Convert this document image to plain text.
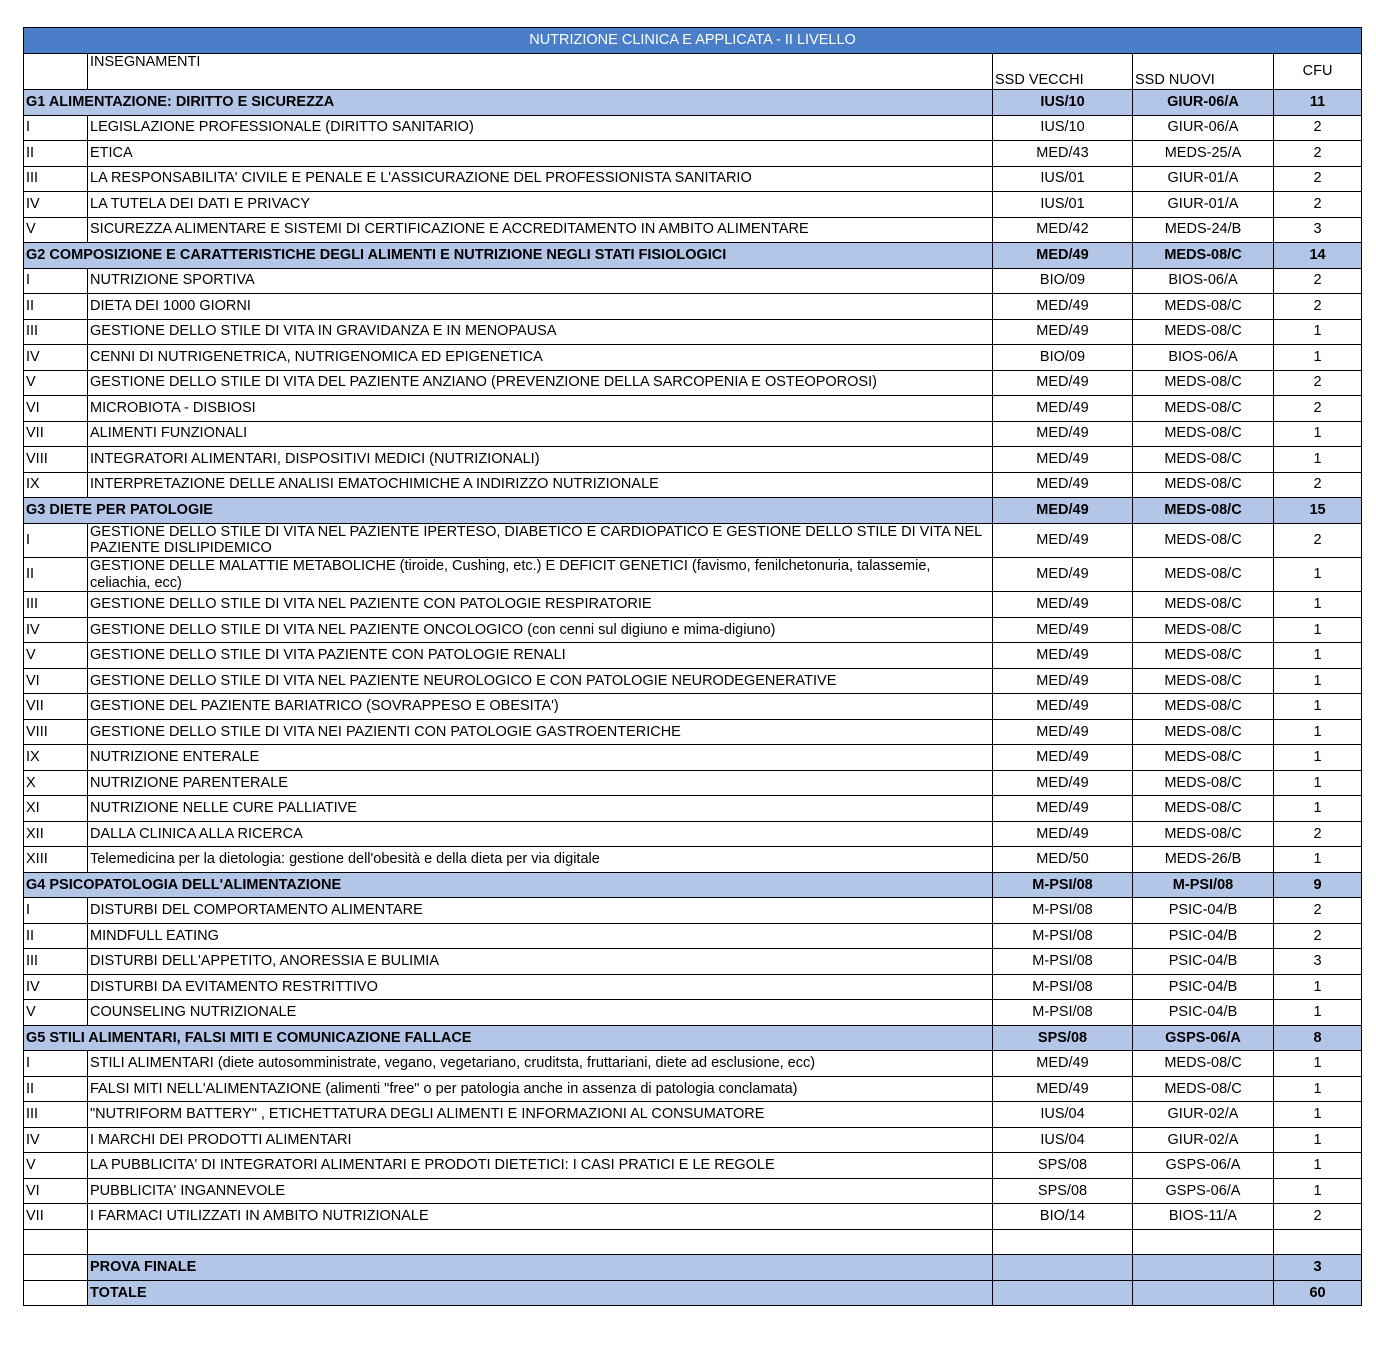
NUTRIZIONE CLINICA E APPLICATA - II LIVELLO				
	INSEGNAMENTI	SSD VECCHI	SSD NUOVI	CFU
G1 ALIMENTAZIONE: DIRITTO E SICUREZZA		IUS/10	GIUR-06/A	11
I	LEGISLAZIONE PROFESSIONALE (DIRITTO SANITARIO)	IUS/10	GIUR-06/A	2
II	ETICA	MED/43	MEDS-25/A	2
III	LA RESPONSABILITA' CIVILE E PENALE E L'ASSICURAZIONE DEL PROFESSIONISTA SANITARIO	IUS/01	GIUR-01/A	2
IV	LA TUTELA DEI DATI E PRIVACY	IUS/01	GIUR-01/A	2
V	SICUREZZA ALIMENTARE E SISTEMI DI CERTIFICAZIONE E ACCREDITAMENTO IN AMBITO ALIMENTARE	MED/42	MEDS-24/B	3
G2 COMPOSIZIONE E CARATTERISTICHE DEGLI ALIMENTI E NUTRIZIONE NEGLI STATI FISIOLOGICI		MED/49	MEDS-08/C	14
I	NUTRIZIONE SPORTIVA	BIO/09	BIOS-06/A	2
II	DIETA DEI 1000 GIORNI	MED/49	MEDS-08/C	2
III	GESTIONE DELLO STILE DI VITA IN GRAVIDANZA E IN MENOPAUSA	MED/49	MEDS-08/C	1
IV	CENNI DI NUTRIGENETRICA, NUTRIGENOMICA ED EPIGENETICA	BIO/09	BIOS-06/A	1
V	GESTIONE DELLO STILE DI VITA DEL PAZIENTE ANZIANO (PREVENZIONE DELLA SARCOPENIA E OSTEOPOROSI)	MED/49	MEDS-08/C	2
VI	MICROBIOTA - DISBIOSI	MED/49	MEDS-08/C	2
VII	ALIMENTI FUNZIONALI	MED/49	MEDS-08/C	1
VIII	INTEGRATORI ALIMENTARI, DISPOSITIVI MEDICI (NUTRIZIONALI)	MED/49	MEDS-08/C	1
IX	INTERPRETAZIONE DELLE ANALISI EMATOCHIMICHE A INDIRIZZO NUTRIZIONALE	MED/49	MEDS-08/C	2
G3 DIETE PER PATOLOGIE		MED/49	MEDS-08/C	15
I	GESTIONE DELLO STILE DI VITA NEL PAZIENTE IPERTESO, DIABETICO E CARDIOPATICO E GESTIONE DELLO STILE DI VITA NEL PAZIENTE DISLIPIDEMICO	MED/49	MEDS-08/C	2
II	GESTIONE DELLE MALATTIE METABOLICHE (tiroide, Cushing, etc.) E DEFICIT GENETICI (favismo, fenilchetonuria, talassemie, celiachia, ecc)	MED/49	MEDS-08/C	1
III	GESTIONE DELLO STILE DI VITA NEL PAZIENTE CON PATOLOGIE RESPIRATORIE	MED/49	MEDS-08/C	1
IV	GESTIONE DELLO STILE DI VITA NEL PAZIENTE ONCOLOGICO (con cenni sul digiuno e mima-digiuno)	MED/49	MEDS-08/C	1
V	GESTIONE DELLO STILE DI VITA PAZIENTE CON PATOLOGIE RENALI	MED/49	MEDS-08/C	1
VI	GESTIONE DELLO STILE DI VITA NEL PAZIENTE NEUROLOGICO E CON PATOLOGIE NEURODEGENERATIVE	MED/49	MEDS-08/C	1
VII	GESTIONE DEL PAZIENTE BARIATRICO (SOVRAPPESO E OBESITA')	MED/49	MEDS-08/C	1
VIII	GESTIONE DELLO STILE DI VITA NEI PAZIENTI CON PATOLOGIE GASTROENTERICHE	MED/49	MEDS-08/C	1
IX	NUTRIZIONE ENTERALE	MED/49	MEDS-08/C	1
X	NUTRIZIONE PARENTERALE	MED/49	MEDS-08/C	1
XI	NUTRIZIONE NELLE CURE PALLIATIVE	MED/49	MEDS-08/C	1
XII	DALLA CLINICA ALLA RICERCA	MED/49	MEDS-08/C	2
XIII	Telemedicina per la dietologia: gestione dell'obesità e della dieta per via digitale	MED/50	MEDS-26/B	1
G4 PSICOPATOLOGIA DELL'ALIMENTAZIONE		M-PSI/08	M-PSI/08	9
I	DISTURBI DEL COMPORTAMENTO ALIMENTARE	M-PSI/08	PSIC-04/B	2
II	MINDFULL EATING	M-PSI/08	PSIC-04/B	2
III	DISTURBI DELL'APPETITO, ANORESSIA E BULIMIA	M-PSI/08	PSIC-04/B	3
IV	DISTURBI DA EVITAMENTO RESTRITTIVO	M-PSI/08	PSIC-04/B	1
V	COUNSELING NUTRIZIONALE	M-PSI/08	PSIC-04/B	1
G5 STILI ALIMENTARI, FALSI MITI E COMUNICAZIONE FALLACE		SPS/08	GSPS-06/A	8
I	STILI ALIMENTARI (diete autosomministrate, vegano, vegetariano, cruditsta, fruttariani, diete ad esclusione, ecc)	MED/49	MEDS-08/C	1
II	FALSI MITI NELL'ALIMENTAZIONE (alimenti "free" o per patologia anche in assenza di patologia conclamata)	MED/49	MEDS-08/C	1
III	"NUTRIFORM BATTERY" , ETICHETTATURA DEGLI ALIMENTI E INFORMAZIONI AL CONSUMATORE	IUS/04	GIUR-02/A	1
IV	I MARCHI DEI PRODOTTI ALIMENTARI	IUS/04	GIUR-02/A	1
V	LA PUBBLICITA' DI INTEGRATORI ALIMENTARI E PRODOTI DIETETICI: I CASI PRATICI E LE REGOLE	SPS/08	GSPS-06/A	1
VI	PUBBLICITA' INGANNEVOLE	SPS/08	GSPS-06/A	1
VII	I FARMACI UTILIZZATI IN AMBITO NUTRIZIONALE	BIO/14	BIOS-11/A	2

	PROVA FINALE			3
	TOTALE			60
